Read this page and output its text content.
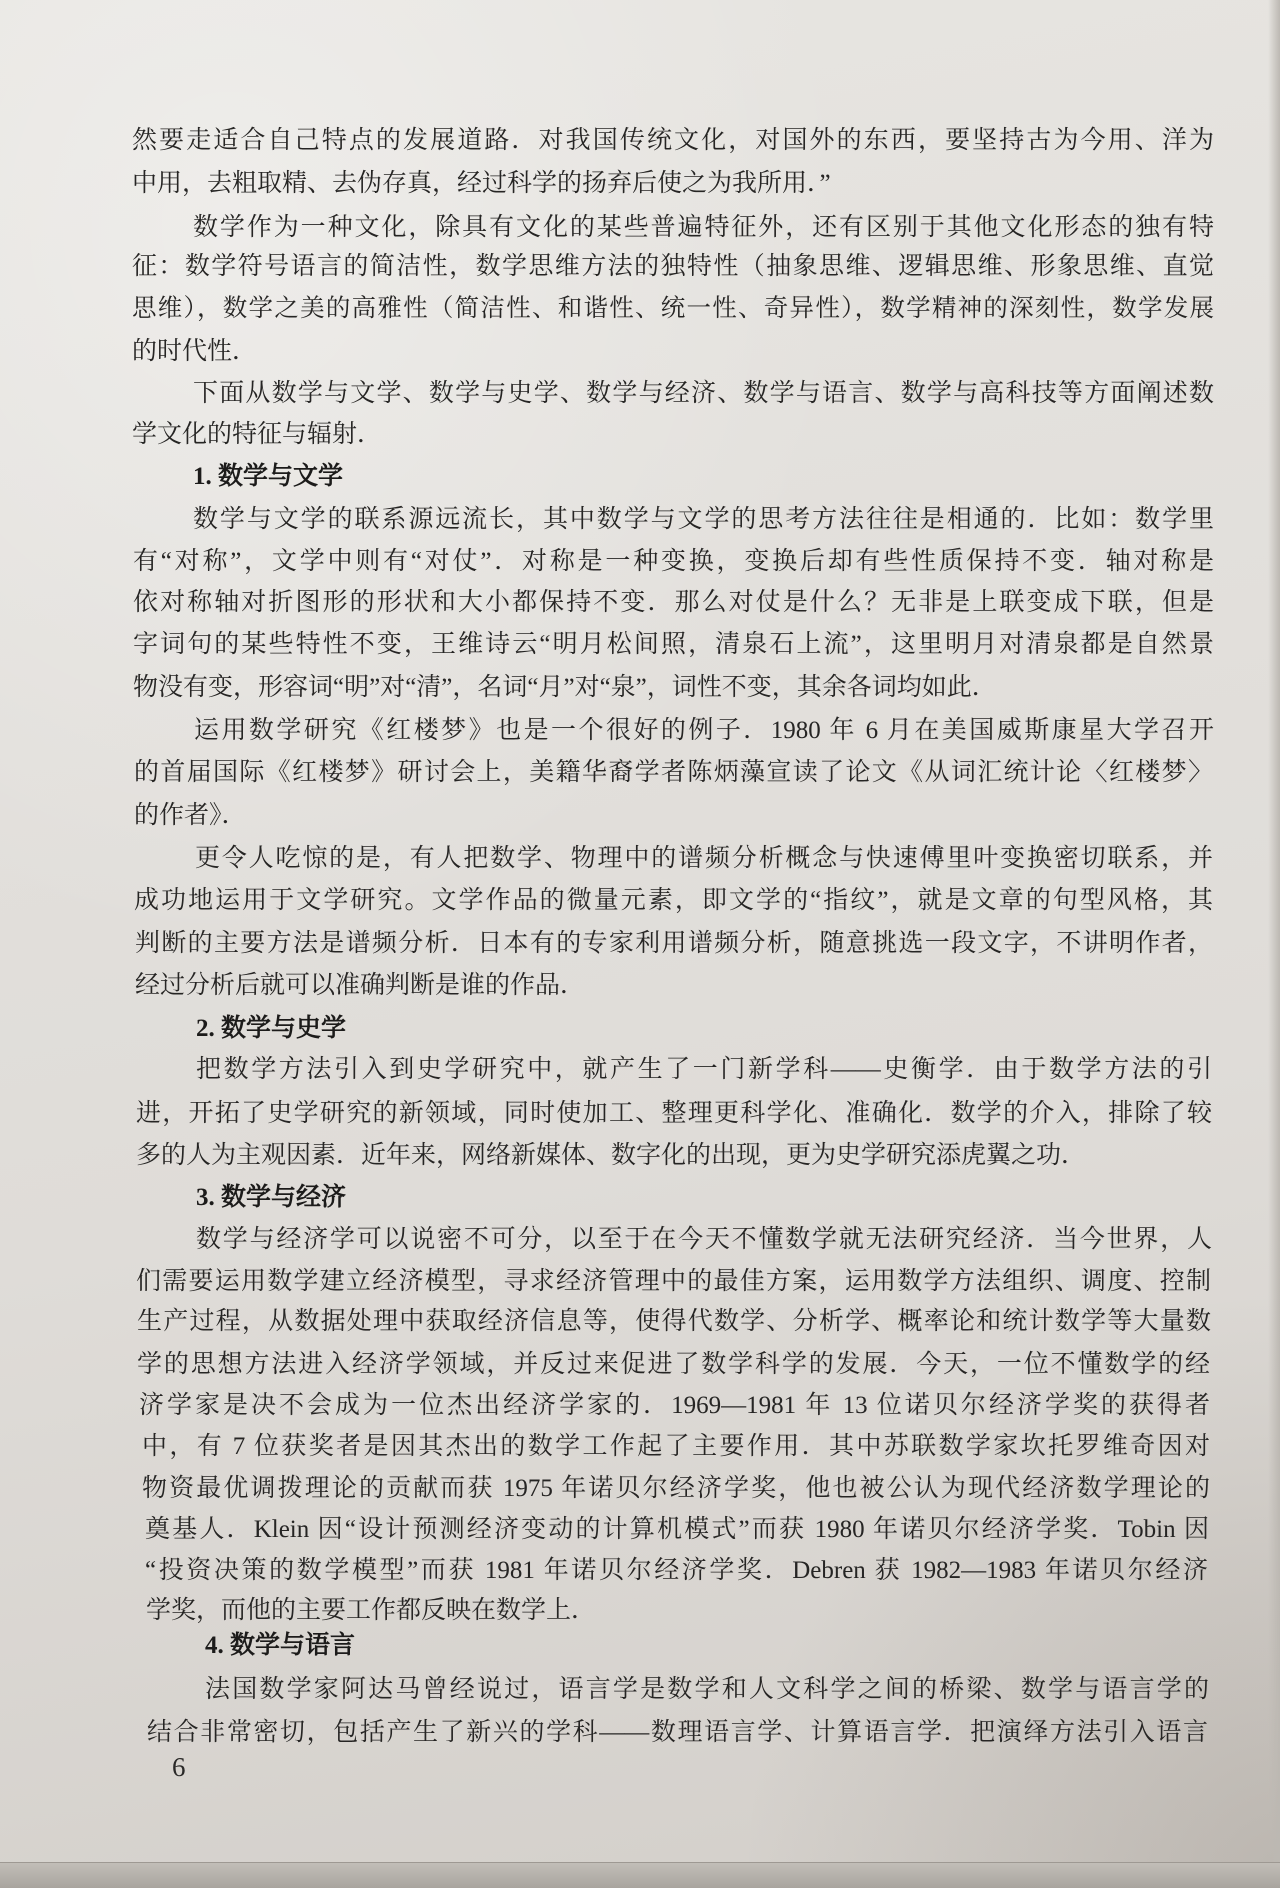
然要走适合自己特点的发展道路．对我国传统文化，对国外的东西，要坚持古为今用、洋为
中用，去粗取精、去伪存真，经过科学的扬弃后使之为我所用．”
数学作为一种文化，除具有文化的某些普遍特征外，还有区别于其他文化形态的独有特
征：数学符号语言的简洁性，数学思维方法的独特性（抽象思维、逻辑思维、形象思维、直觉
思维），数学之美的高雅性（简洁性、和谐性、统一性、奇异性），数学精神的深刻性，数学发展
的时代性．
下面从数学与文学、数学与史学、数学与经济、数学与语言、数学与高科技等方面阐述数
学文化的特征与辐射．
1. 数学与文学
数学与文学的联系源远流长，其中数学与文学的思考方法往往是相通的．比如：数学里
有“对称”，文学中则有“对仗”．对称是一种变换，变换后却有些性质保持不变．轴对称是
依对称轴对折图形的形状和大小都保持不变．那么对仗是什么？无非是上联变成下联，但是
字词句的某些特性不变，王维诗云“明月松间照，清泉石上流”，这里明月对清泉都是自然景
物没有变，形容词“明”对“清”，名词“月”对“泉”，词性不变，其余各词均如此．
运用数学研究《红楼梦》也是一个很好的例子．1980 年 6 月在美国威斯康星大学召开
的首届国际《红楼梦》研讨会上，美籍华裔学者陈炳藻宣读了论文《从词汇统计论〈红楼梦〉
的作者》．
更令人吃惊的是，有人把数学、物理中的谱频分析概念与快速傅里叶变换密切联系，并
成功地运用于文学研究。文学作品的微量元素，即文学的“指纹”，就是文章的句型风格，其
判断的主要方法是谱频分析．日本有的专家利用谱频分析，随意挑选一段文字，不讲明作者，
经过分析后就可以准确判断是谁的作品．
2. 数学与史学
把数学方法引入到史学研究中，就产生了一门新学科——史衡学．由于数学方法的引
进，开拓了史学研究的新领域，同时使加工、整理更科学化、准确化．数学的介入，排除了较
多的人为主观因素．近年来，网络新媒体、数字化的出现，更为史学研究添虎翼之功．
3. 数学与经济
数学与经济学可以说密不可分，以至于在今天不懂数学就无法研究经济．当今世界，人
们需要运用数学建立经济模型，寻求经济管理中的最佳方案，运用数学方法组织、调度、控制
生产过程，从数据处理中获取经济信息等，使得代数学、分析学、概率论和统计数学等大量数
学的思想方法进入经济学领域，并反过来促进了数学科学的发展．今天，一位不懂数学的经
济学家是决不会成为一位杰出经济学家的．1969—1981 年 13 位诺贝尔经济学奖的获得者
中，有 7 位获奖者是因其杰出的数学工作起了主要作用．其中苏联数学家坎托罗维奇因对
物资最优调拨理论的贡献而获 1975 年诺贝尔经济学奖，他也被公认为现代经济数学理论的
奠基人．Klein 因“设计预测经济变动的计算机模式”而获 1980 年诺贝尔经济学奖．Tobin 因
“投资决策的数学模型”而获 1981 年诺贝尔经济学奖．Debren 获 1982—1983 年诺贝尔经济
学奖，而他的主要工作都反映在数学上．
4. 数学与语言
法国数学家阿达马曾经说过，语言学是数学和人文科学之间的桥梁、数学与语言学的
结合非常密切，包括产生了新兴的学科——数理语言学、计算语言学．把演绎方法引入语言
6
